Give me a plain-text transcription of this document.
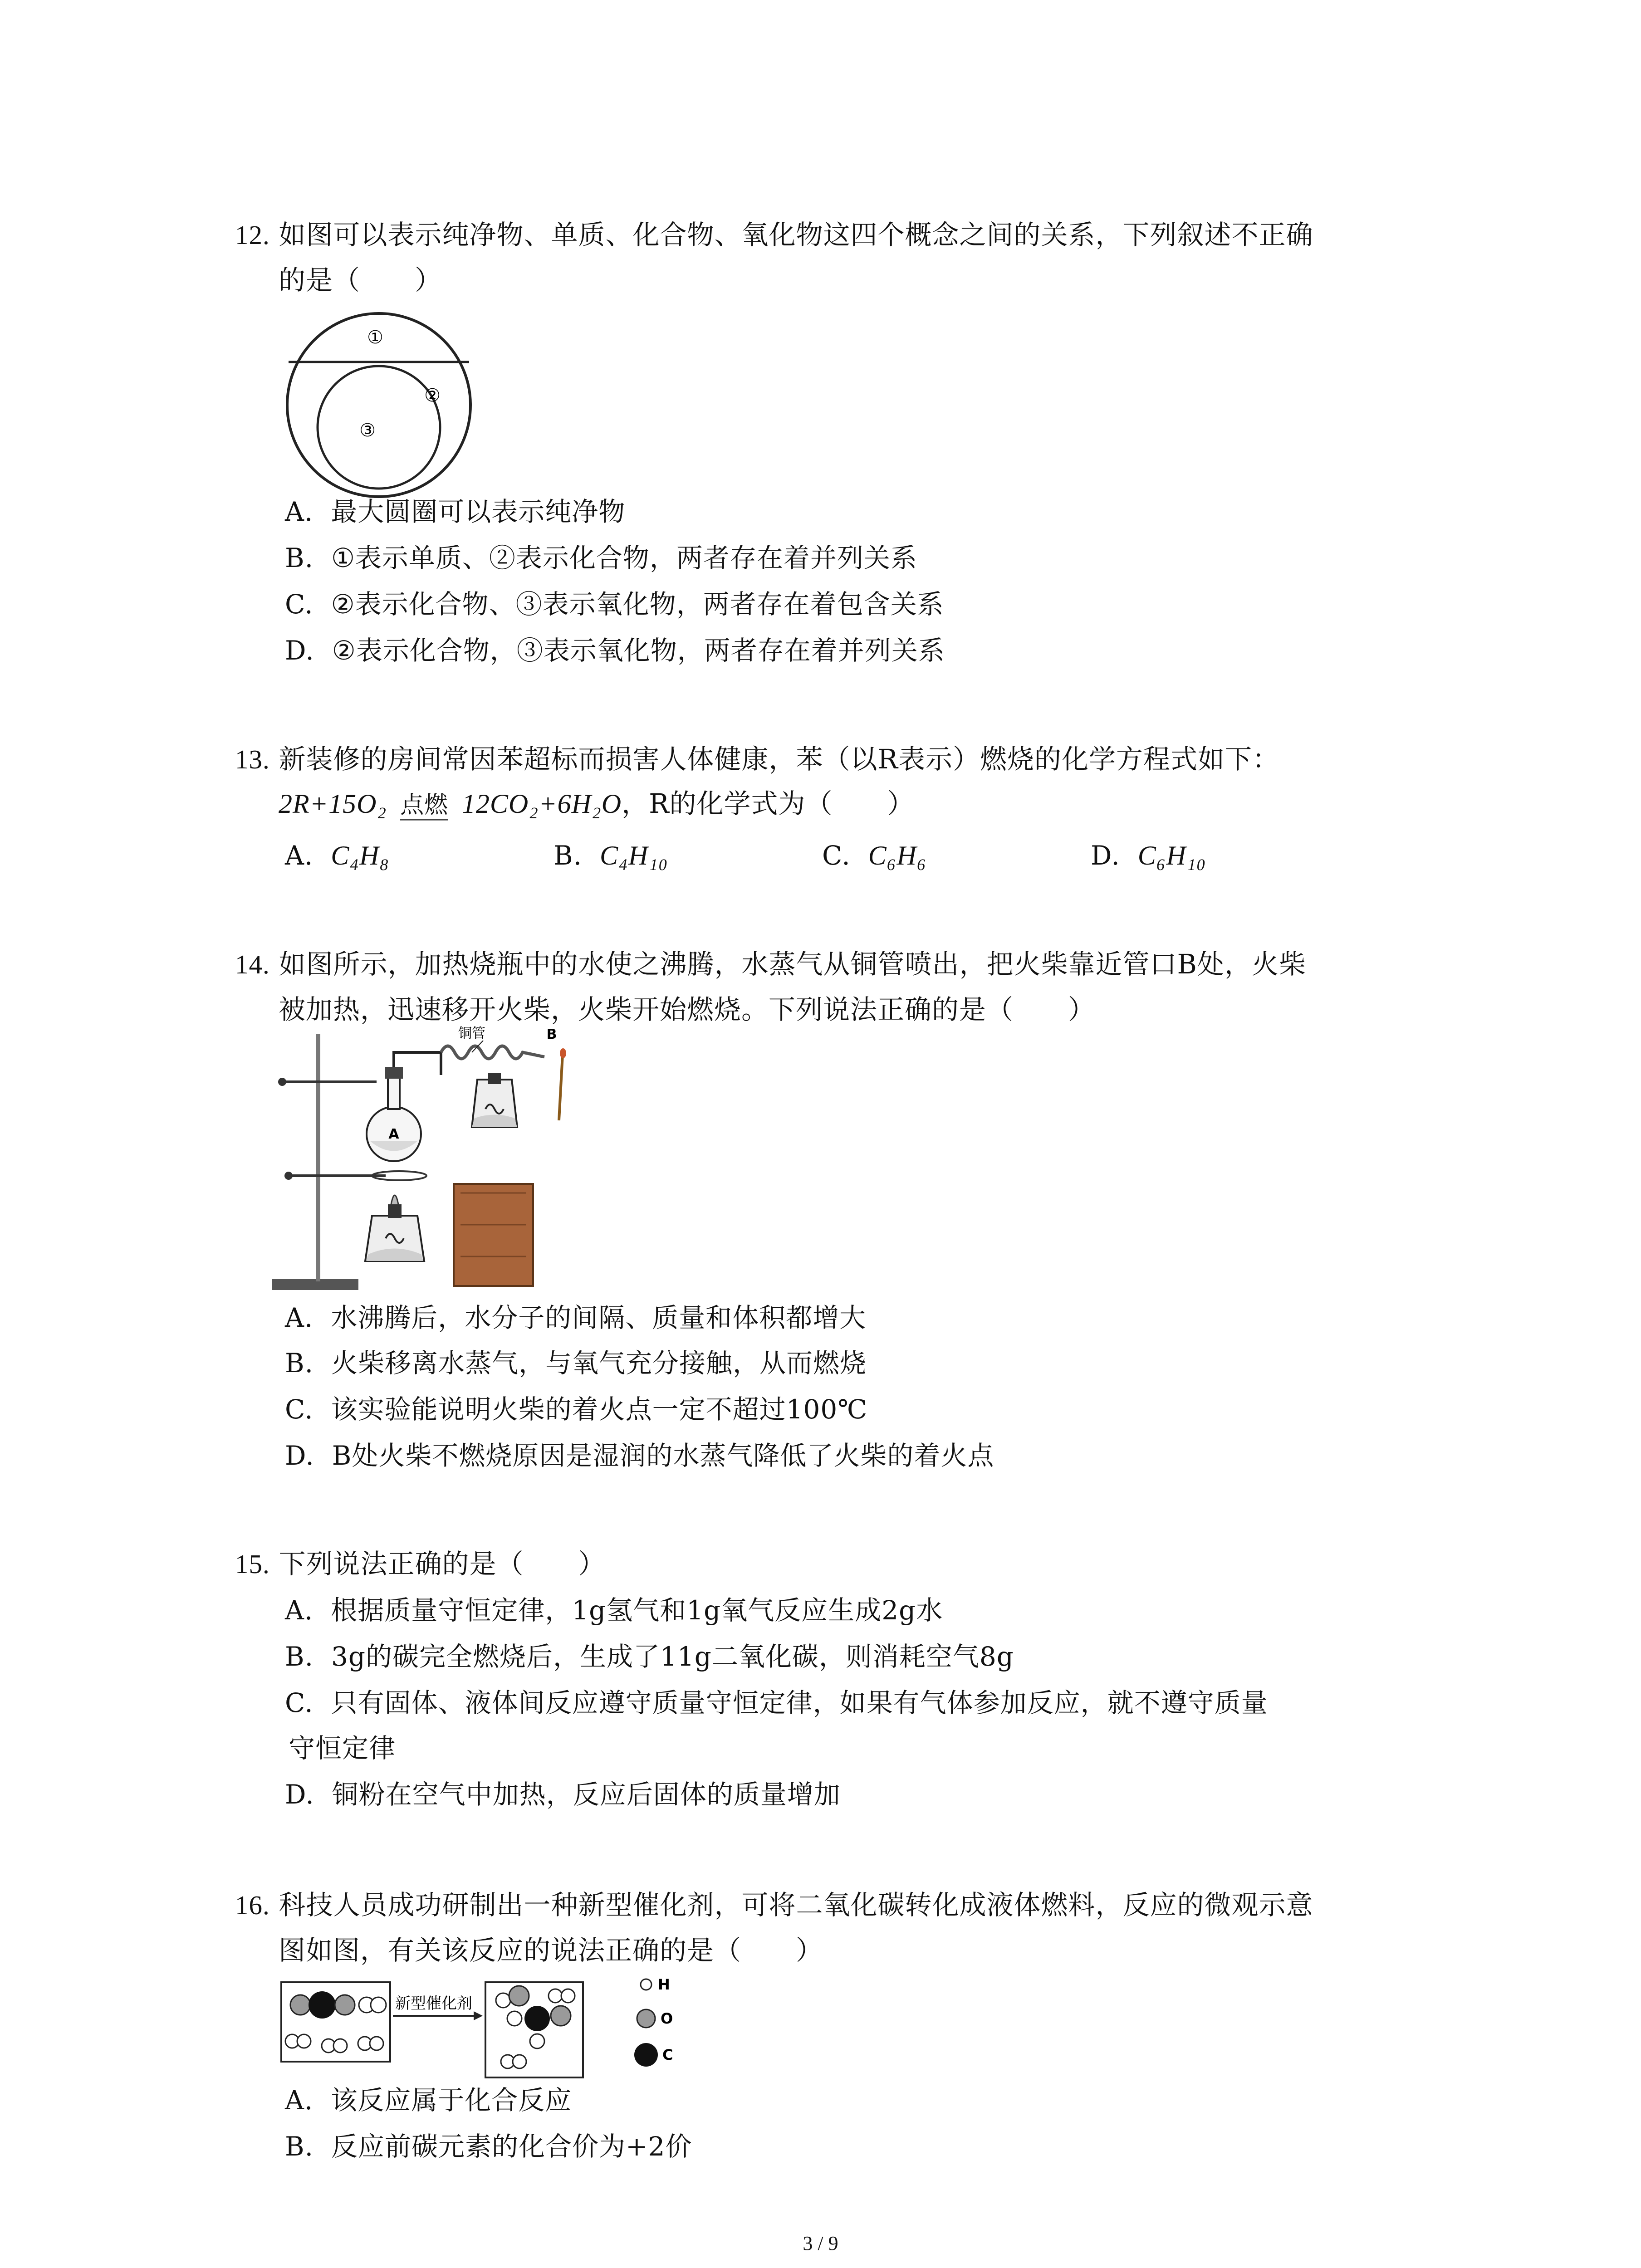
12. 如图可以表示纯净物、单质、化合物、氧化物这四个概念之间的关系，下列叙述不正确
的是（　　）
①
②
③
A. 最大圆圈可以表示纯净物
B. ①表示单质、②表示化合物，两者存在着并列关系
C. ②表示化合物、③表示氧化物，两者存在着包含关系
D. ②表示化合物，③表示氧化物，两者存在着并列关系
13. 新装修的房间常因苯超标而损害人体健康，苯（以R表示）燃烧的化学方程式如下：
2R+15O₂ 点燃 12CO₂+6H₂O，R的化学式为（　　）
A. C₄H₈	B. C₄H₁₀	C. C₆H₆	D. C₆H₁₀
14. 如图所示，加热烧瓶中的水使之沸腾，水蒸气从铜管喷出，把火柴靠近管口B处，火柴
被加热，迅速移开火柴，火柴开始燃烧。下列说法正确的是（　　）
A
铜管	B
A. 水沸腾后，水分子的间隔、质量和体积都增大
B. 火柴移离水蒸气，与氧气充分接触，从而燃烧
C. 该实验能说明火柴的着火点一定不超过100℃
D. B处火柴不燃烧原因是湿润的水蒸气降低了火柴的着火点
15. 下列说法正确的是（　　）
A. 根据质量守恒定律，1g氢气和1g氧气反应生成2g水
B. 3g的碳完全燃烧后，生成了11g二氧化碳，则消耗空气8g
C. 只有固体、液体间反应遵守质量守恒定律，如果有气体参加反应，就不遵守质量
守恒定律
D. 铜粉在空气中加热，反应后固体的质量增加
16. 科技人员成功研制出一种新型催化剂，可将二氧化碳转化成液体燃料，反应的微观示意
图如图，有关该反应的说法正确的是（　　）
新型催化剂
H
O
C
A. 该反应属于化合反应
B. 反应前碳元素的化合价为+2价
3 / 9
